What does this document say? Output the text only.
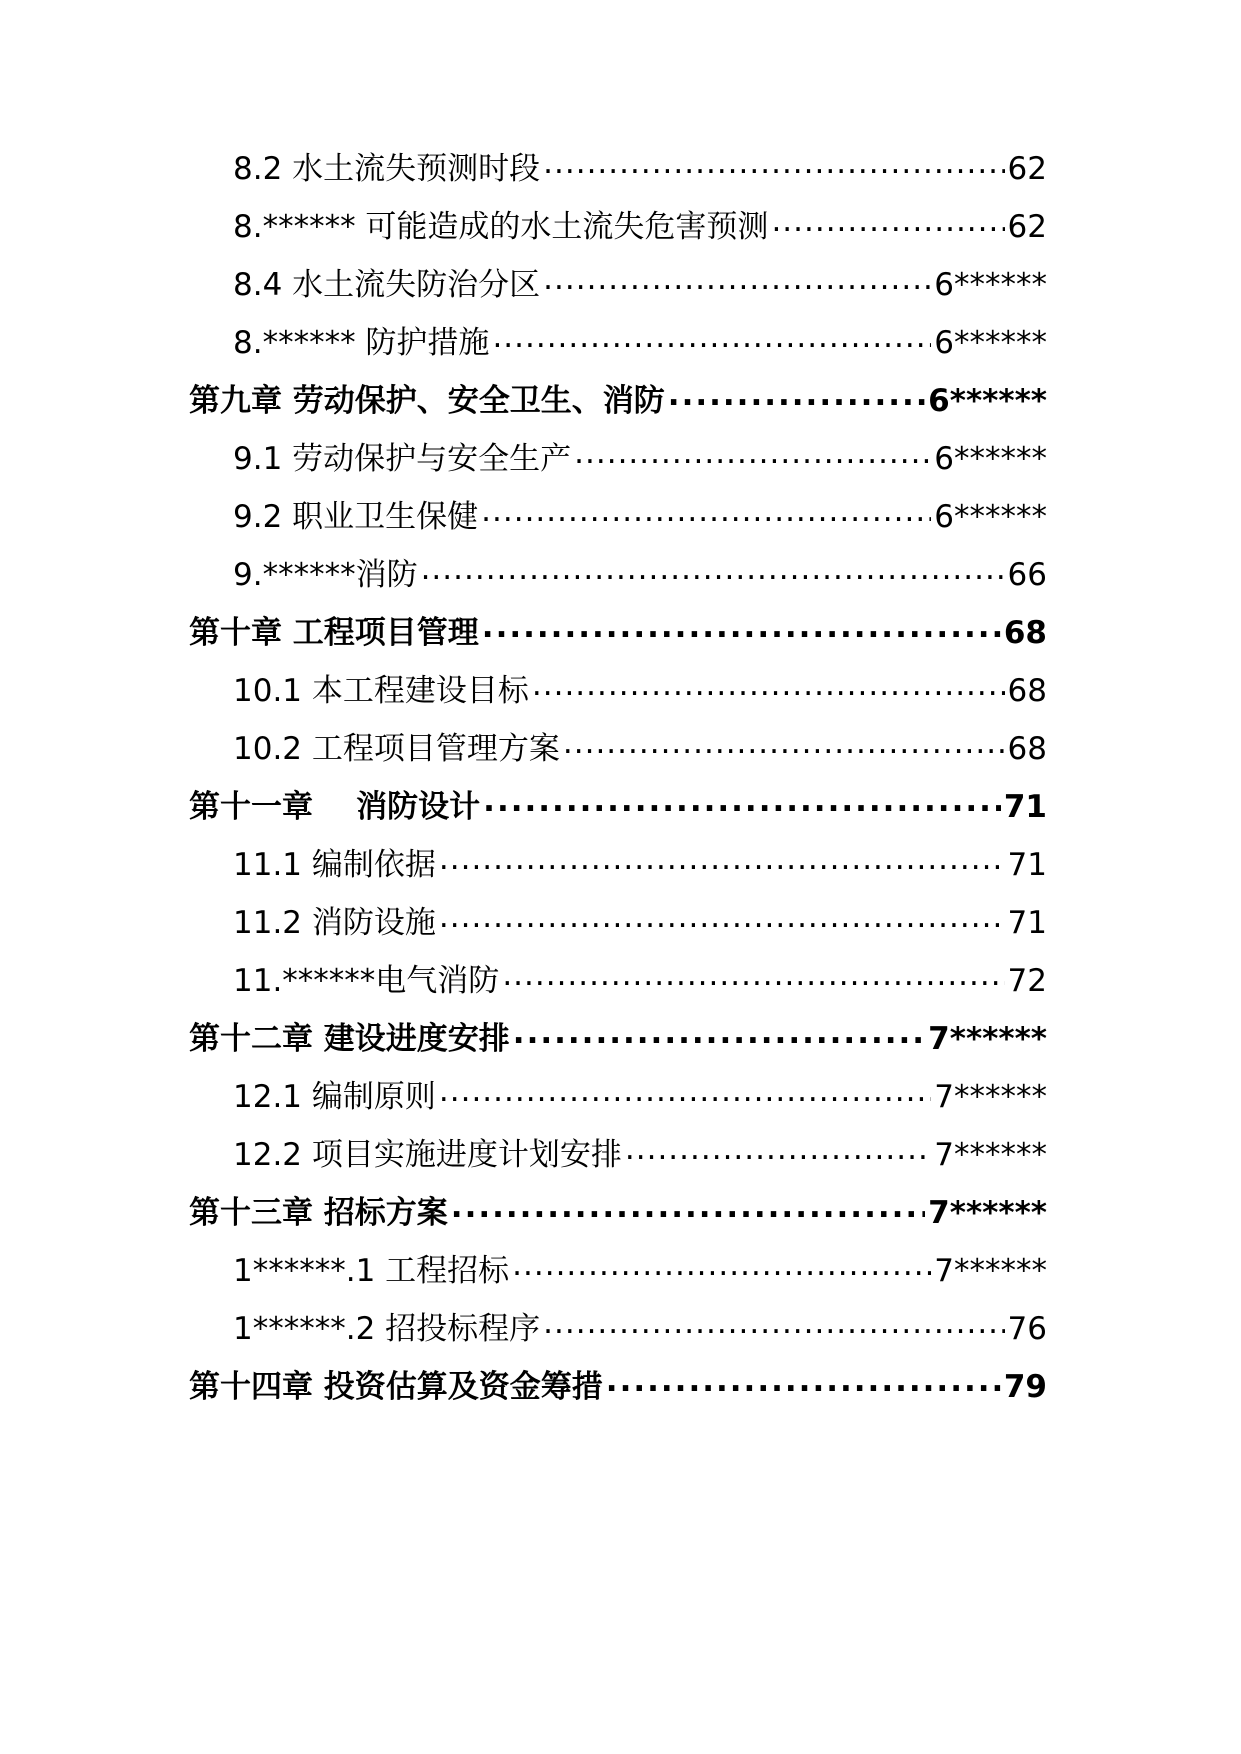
8.2 水土流失预测时段 .....	62
8.****** 可能造成的水土流失危害预测 .....	62
8.4 水土流失防治分区 .....	6******
8.****** 防护措施 .....	6******
第九章 劳动保护、安全卫生、消防 .....	6******
9.1 劳动保护与安全生产 .....	6******
9.2 职业卫生保健 .....	6******
9.******消防 .....	66
第十章 工程项目管理 .....	68
10.1 本工程建设目标 .....	68
10.2 工程项目管理方案 .....	68
第十一章    消防设计 .....	71
11.1 编制依据 .....	71
11.2 消防设施 .....	71
11.******电气消防 .....	72
第十二章 建设进度安排 .....	7******
12.1 编制原则 .....	7******
12.2 项目实施进度计划安排 .....	7******
第十三章 招标方案 .....	7******
1******.1 工程招标 .....	7******
1******.2 招投标程序 .....	76
第十四章 投资估算及资金筹措 .....	79
